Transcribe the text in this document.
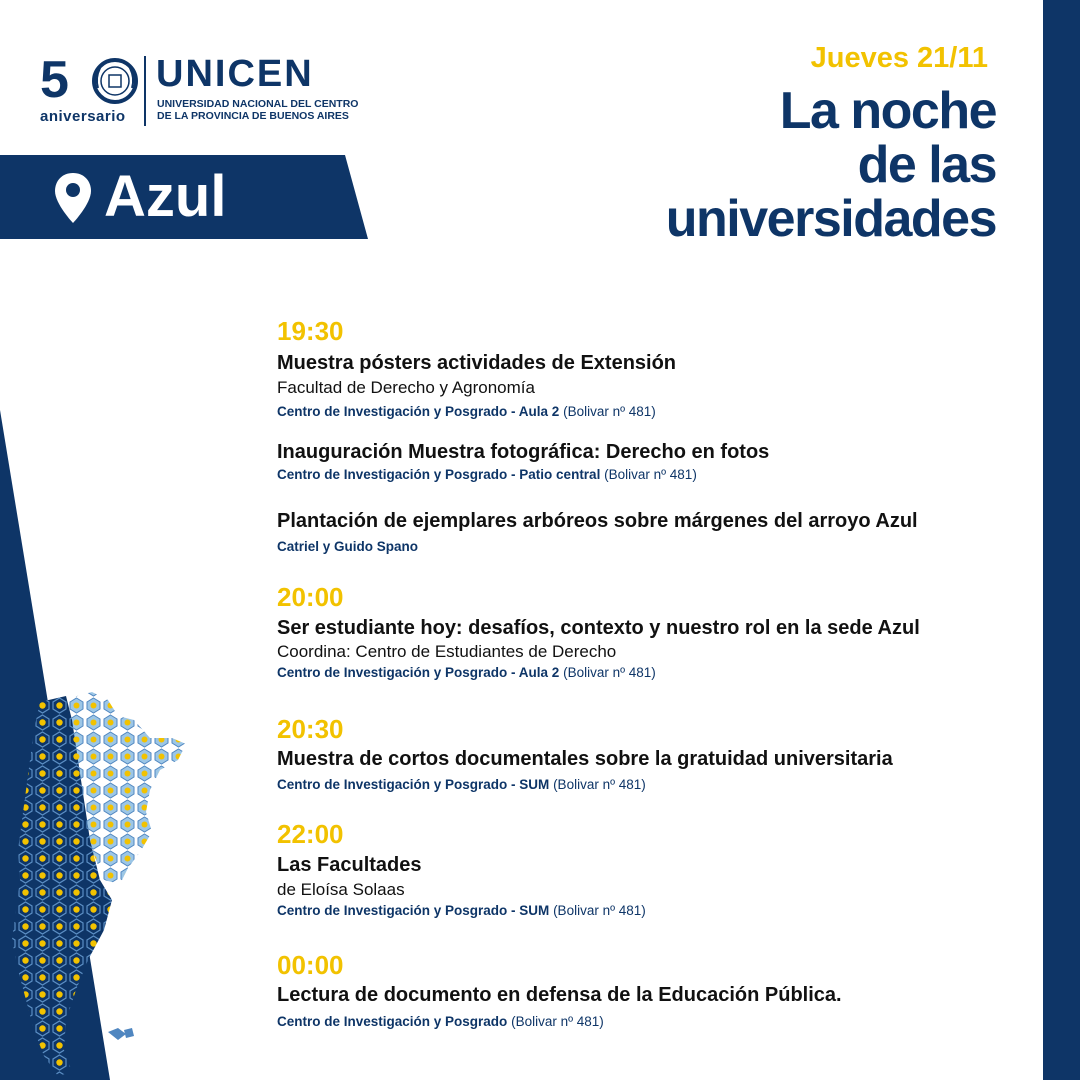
5
aniversario
UNICEN
UNIVERSIDAD NACIONAL DEL CENTRO
DE LA PROVINCIA DE BUENOS AIRES
Azul
Jueves 21/11
La noche
de las
universidades
19:30
Muestra pósters actividades de Extensión
Facultad de Derecho y Agronomía
Centro de Investigación y Posgrado - Aula 2 (Bolivar nº 481)
Inauguración Muestra fotográfica: Derecho en fotos
Centro de Investigación y Posgrado - Patio central (Bolivar nº 481)
Plantación de ejemplares arbóreos sobre márgenes del arroyo Azul
Catriel y Guido Spano
20:00
Ser estudiante hoy: desafíos, contexto y nuestro rol en la sede Azul
Coordina: Centro de Estudiantes de Derecho
Centro de Investigación y Posgrado - Aula 2 (Bolivar nº 481)
20:30
Muestra de cortos documentales sobre la gratuidad universitaria
Centro de Investigación y Posgrado - SUM (Bolivar nº 481)
22:00
Las Facultades
de Eloísa Solaas
Centro de Investigación y Posgrado - SUM (Bolivar nº 481)
00:00
Lectura de documento en defensa de la Educación Pública.
Centro de Investigación y Posgrado (Bolivar nº 481)
